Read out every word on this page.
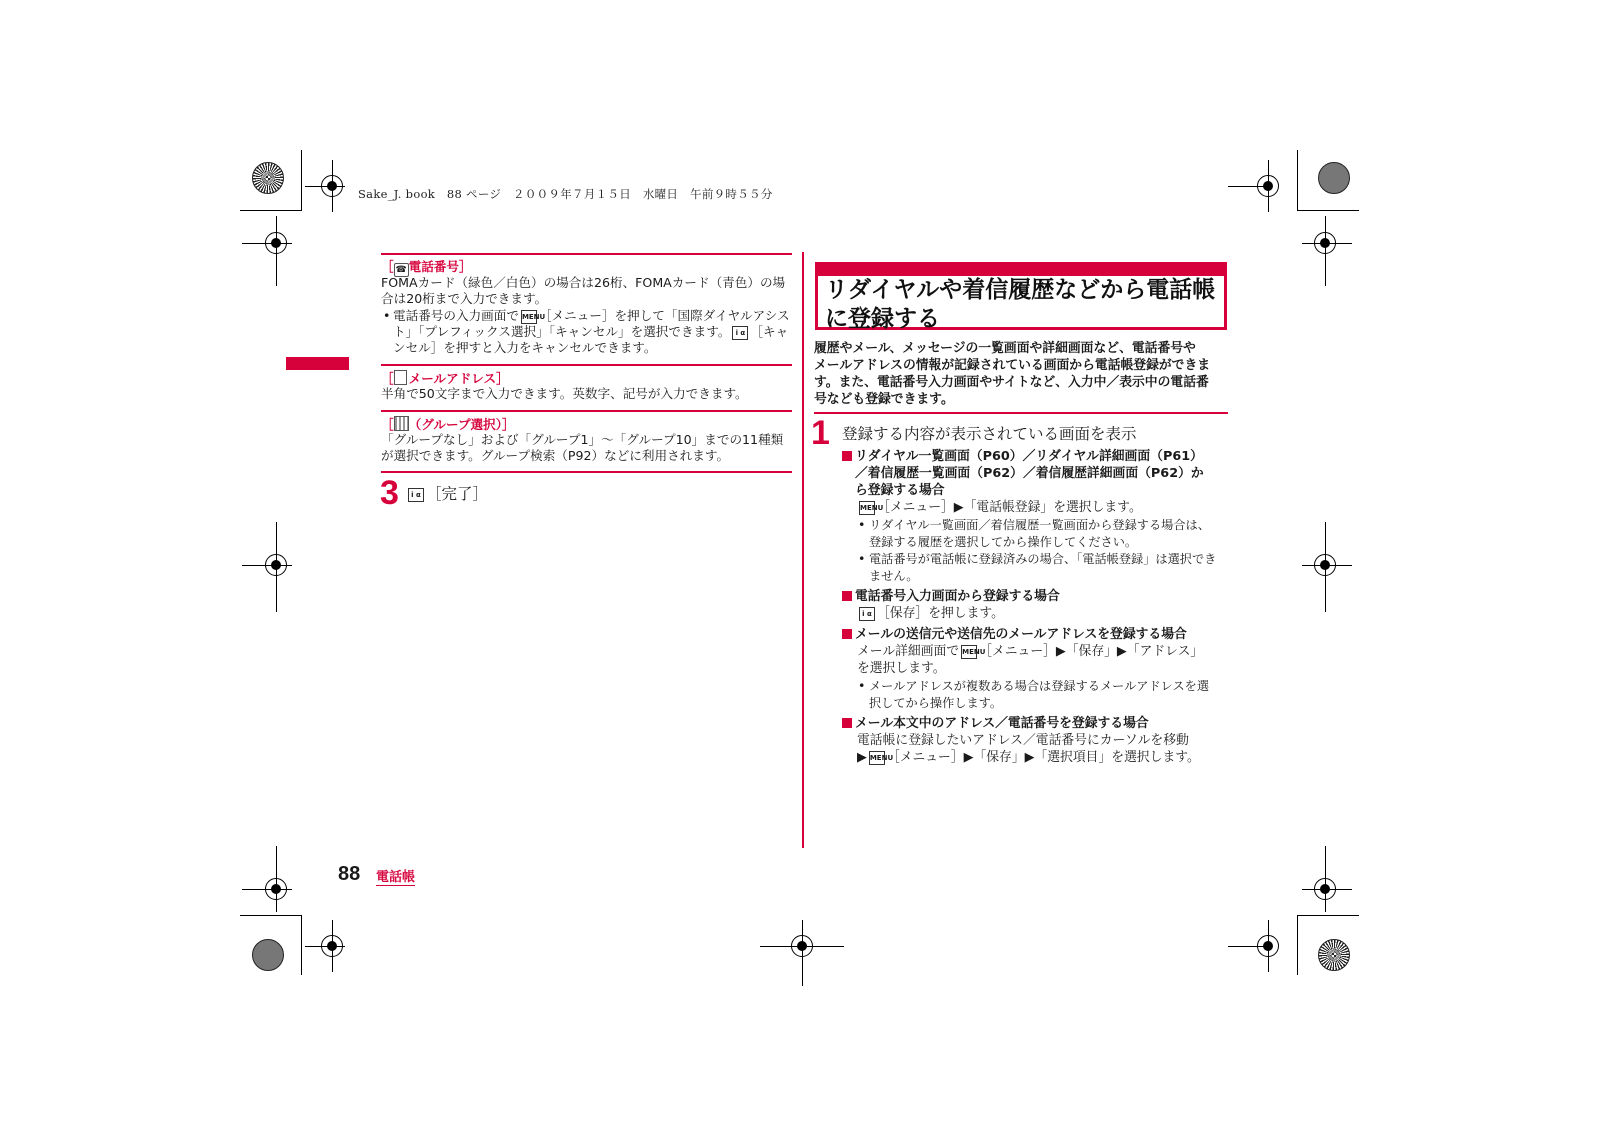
Sake_J. book　88 ページ　２００９年７月１５日　水曜日　午前９時５５分
［ ☎ 電話番号］
FOMAカード（緑色／白色）の場合は26桁、FOMAカード（青色）の場
合は20桁まで入力できます。
• 電話番号の入力画面で MENU［メニュー］を押して「国際ダイヤルアシス
ト」「プレフィックス選択」「キャンセル」を選択できます。 i α ［キャ
ンセル］を押すと入力をキャンセルできます。
［ メールアドレス］
半角で50文字まで入力できます。英数字、記号が入力できます。
［ （グループ選択）］
「グループなし」および「グループ1」～「グループ10」までの11種類
が選択できます。グループ検索（P92）などに利用されます。
3	i α ［完了］
リダイヤルや着信履歴などから電話帳
に登録する
履歴やメール、メッセージの一覧画面や詳細画面など、電話番号や
メールアドレスの情報が記録されている画面から電話帳登録ができま
す。また、電話番号入力画面やサイトなど、入力中／表示中の電話番
号なども登録できます。
1 登録する内容が表示されている画面を表示
リダイヤル一覧画面（P60）／リダイヤル詳細画面（P61）
／着信履歴一覧画面（P62）／着信履歴詳細画面（P62）か
ら登録する場合
MENU［メニュー］▶「電話帳登録」を選択します。
• リダイヤル一覧画面／着信履歴一覧画面から登録する場合は、
登録する履歴を選択してから操作してください。
• 電話番号が電話帳に登録済みの場合、「電話帳登録」は選択でき
ません。
電話番号入力画面から登録する場合
i α ［保存］を押します。
メールの送信元や送信先のメールアドレスを登録する場合
メール詳細画面で MENU［メニュー］▶「保存」▶「アドレス」
を選択します。
• メールアドレスが複数ある場合は登録するメールアドレスを選
択してから操作します。
メール本文中のアドレス／電話番号を登録する場合
電話帳に登録したいアドレス／電話番号にカーソルを移動
▶ MENU［メニュー］▶「保存」▶「選択項目」を選択します。
88 電話帳
